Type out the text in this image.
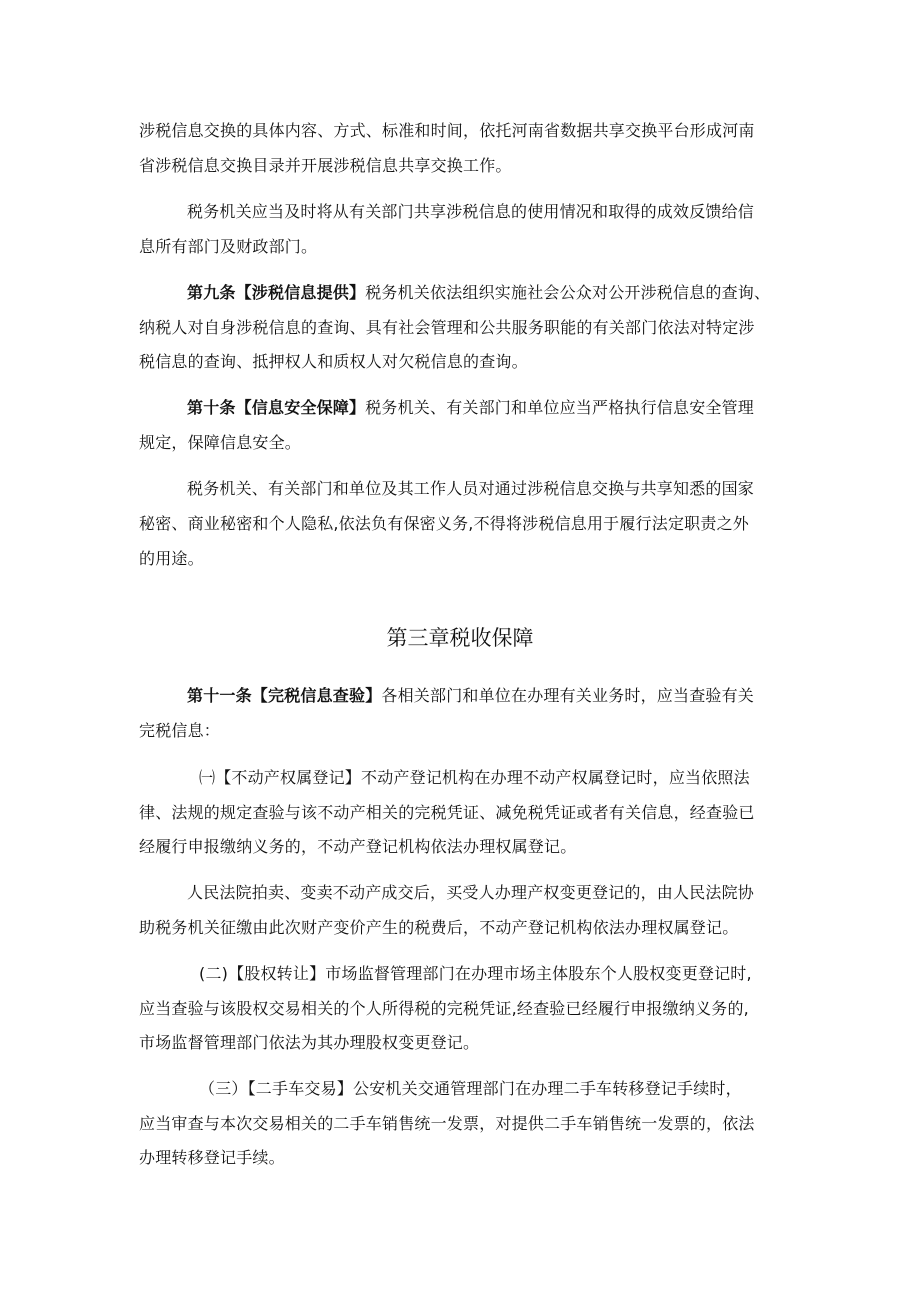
涉税信息交换的具体内容、方式、标准和时间，依托河南省数据共享交换平台形成河南
省涉税信息交换目录并开展涉税信息共享交换工作。
税务机关应当及时将从有关部门共享涉税信息的使用情况和取得的成效反馈给信
息所有部门及财政部门。
第九条【涉税信息提供】税务机关依法组织实施社会公众对公开涉税信息的查询、
纳税人对自身涉税信息的查询、具有社会管理和公共服务职能的有关部门依法对特定涉
税信息的查询、抵押权人和质权人对欠税信息的查询。
第十条【信息安全保障】税务机关、有关部门和单位应当严格执行信息安全管理
规定，保障信息安全。
税务机关、有关部门和单位及其工作人员对通过涉税信息交换与共享知悉的国家
秘密、商业秘密和个人隐私,依法负有保密义务,不得将涉税信息用于履行法定职责之外
的用途。
第三章税收保障
第十一条【完税信息查验】各相关部门和单位在办理有关业务时，应当查验有关
完税信息：
㈠【不动产权属登记】不动产登记机构在办理不动产权属登记时，应当依照法
律、法规的规定查验与该不动产相关的完税凭证、减免税凭证或者有关信息，经查验已
经履行申报缴纳义务的，不动产登记机构依法办理权属登记。
人民法院拍卖、变卖不动产成交后，买受人办理产权变更登记的，由人民法院协
助税务机关征缴由此次财产变价产生的税费后，不动产登记机构依法办理权属登记。
(二)【股权转让】市场监督管理部门在办理市场主体股东个人股权变更登记时,
应当查验与该股权交易相关的个人所得税的完税凭证,经查验已经履行申报缴纳义务的,
市场监督管理部门依法为其办理股权变更登记。
（三）【二手车交易】公安机关交通管理部门在办理二手车转移登记手续时，
应当审查与本次交易相关的二手车销售统一发票，对提供二手车销售统一发票的，依法
办理转移登记手续。
